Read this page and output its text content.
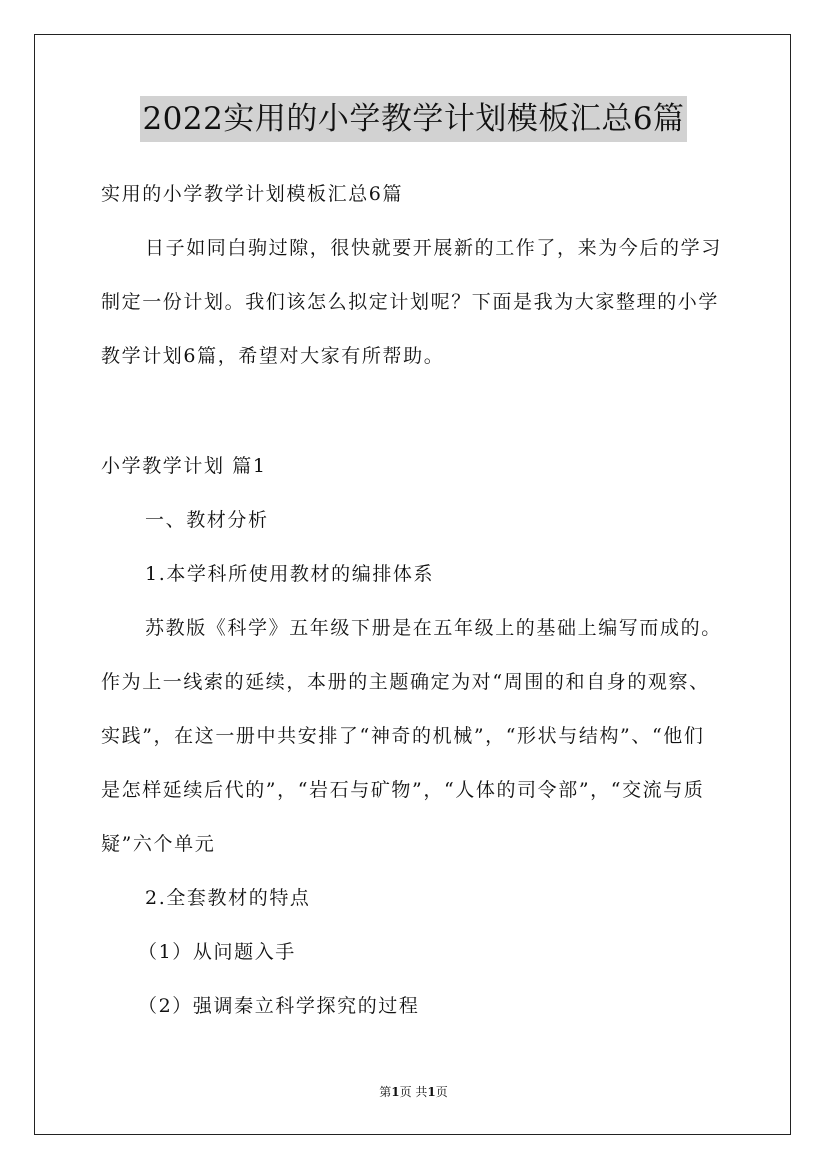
2022实用的小学教学计划模板汇总6篇
实用的小学教学计划模板汇总6篇
日子如同白驹过隙，很快就要开展新的工作了，来为今后的学习
制定一份计划。我们该怎么拟定计划呢？下面是我为大家整理的小学
教学计划6篇，希望对大家有所帮助。
小学教学计划 篇1
一、教材分析
1.本学科所使用教材的编排体系
苏教版《科学》五年级下册是在五年级上的基础上编写而成的。
作为上一线索的延续，本册的主题确定为对“周围的和自身的观察、
实践”，在这一册中共安排了“神奇的机械”，“形状与结构”、“他们
是怎样延续后代的”，“岩石与矿物”，“人体的司令部”，“交流与质
疑”六个单元
2.全套教材的特点
（1）从问题入手
（2）强调秦立科学探究的过程
第1页 共1页
